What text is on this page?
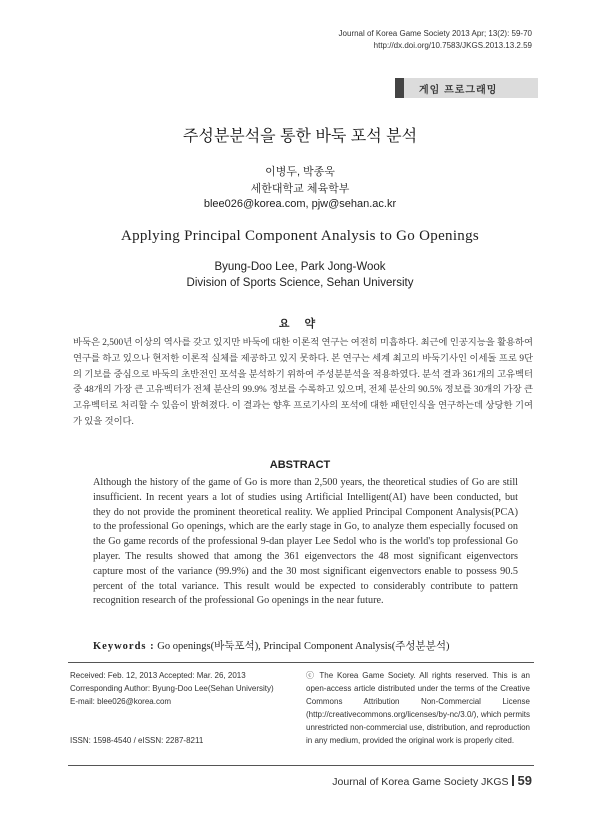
Journal of Korea Game Society 2013 Apr; 13(2): 59-70
http://dx.doi.org/10.7583/JKGS.2013.13.2.59
게임 프로그래밍
주성분분석을 통한 바둑 포석 분석
이병두, 박종욱
세한대학교 체육학부
blee026@korea.com, pjw@sehan.ac.kr
Applying Principal Component Analysis to Go Openings
Byung-Doo Lee, Park Jong-Wook
Division of Sports Science, Sehan University
요 약
바둑은 2,500년 이상의 역사를 갖고 있지만 바둑에 대한 이론적 연구는 여전히 미흡하다. 최근에 인공지능을 활용하여 연구를 하고 있으나 현저한 이론적 실체를 제공하고 있지 못하다. 본 연구는 세계 최고의 바둑기사인 이세돌 프로 9단의 기보를 중심으로 바둑의 초반전인 포석을 분석하기 위하여 주성분분석을 적용하였다. 분석 결과 361개의 고유벡터 중 48개의 가장 큰 고유벡터가 전체 분산의 99.9% 정보를 수록하고 있으며, 전체 분산의 90.5% 정보를 30개의 가장 큰 고유벡터로 처리할 수 있음이 밝혀졌다. 이 결과는 향후 프로기사의 포석에 대한 패턴인식을 연구하는데 상당한 기여가 있을 것이다.
ABSTRACT
Although the history of the game of Go is more than 2,500 years, the theoretical studies of Go are still insufficient. In recent years a lot of studies using Artificial Intelligent(AI) have been conducted, but they do not provide the prominent theoretical reality. We applied Principal Component Analysis(PCA) to the professional Go openings, which are the early stage in Go, to analyze them especially focused on the Go game records of the professional 9-dan player Lee Sedol who is the world's top professional Go player. The results showed that among the 361 eigenvectors the 48 most significant eigenvectors capture most of the variance (99.9%) and the 30 most significant eigenvectors enable to possess 90.5 percent of the total variance. This result would be expected to considerably contribute to pattern recognition research of the professional Go openings in the near future.
Keywords : Go openings(바둑포석), Principal Component Analysis(주성분분석)
Received: Feb. 12, 2013 Accepted: Mar. 26, 2013
Corresponding Author: Byung-Doo Lee(Sehan University)
E-mail: blee026@korea.com
ISSN: 1598-4540 / eISSN: 2287-8211
ⓒ The Korea Game Society. All rights reserved. This is an open-access article distributed under the terms of the Creative Commons Attribution Non-Commercial License (http://creativecommons.org/licenses/by-nc/3.0/), which permits unrestricted non-commercial use, distribution, and reproduction in any medium, provided the original work is properly cited.
Journal of Korea Game Society JKGS 59
